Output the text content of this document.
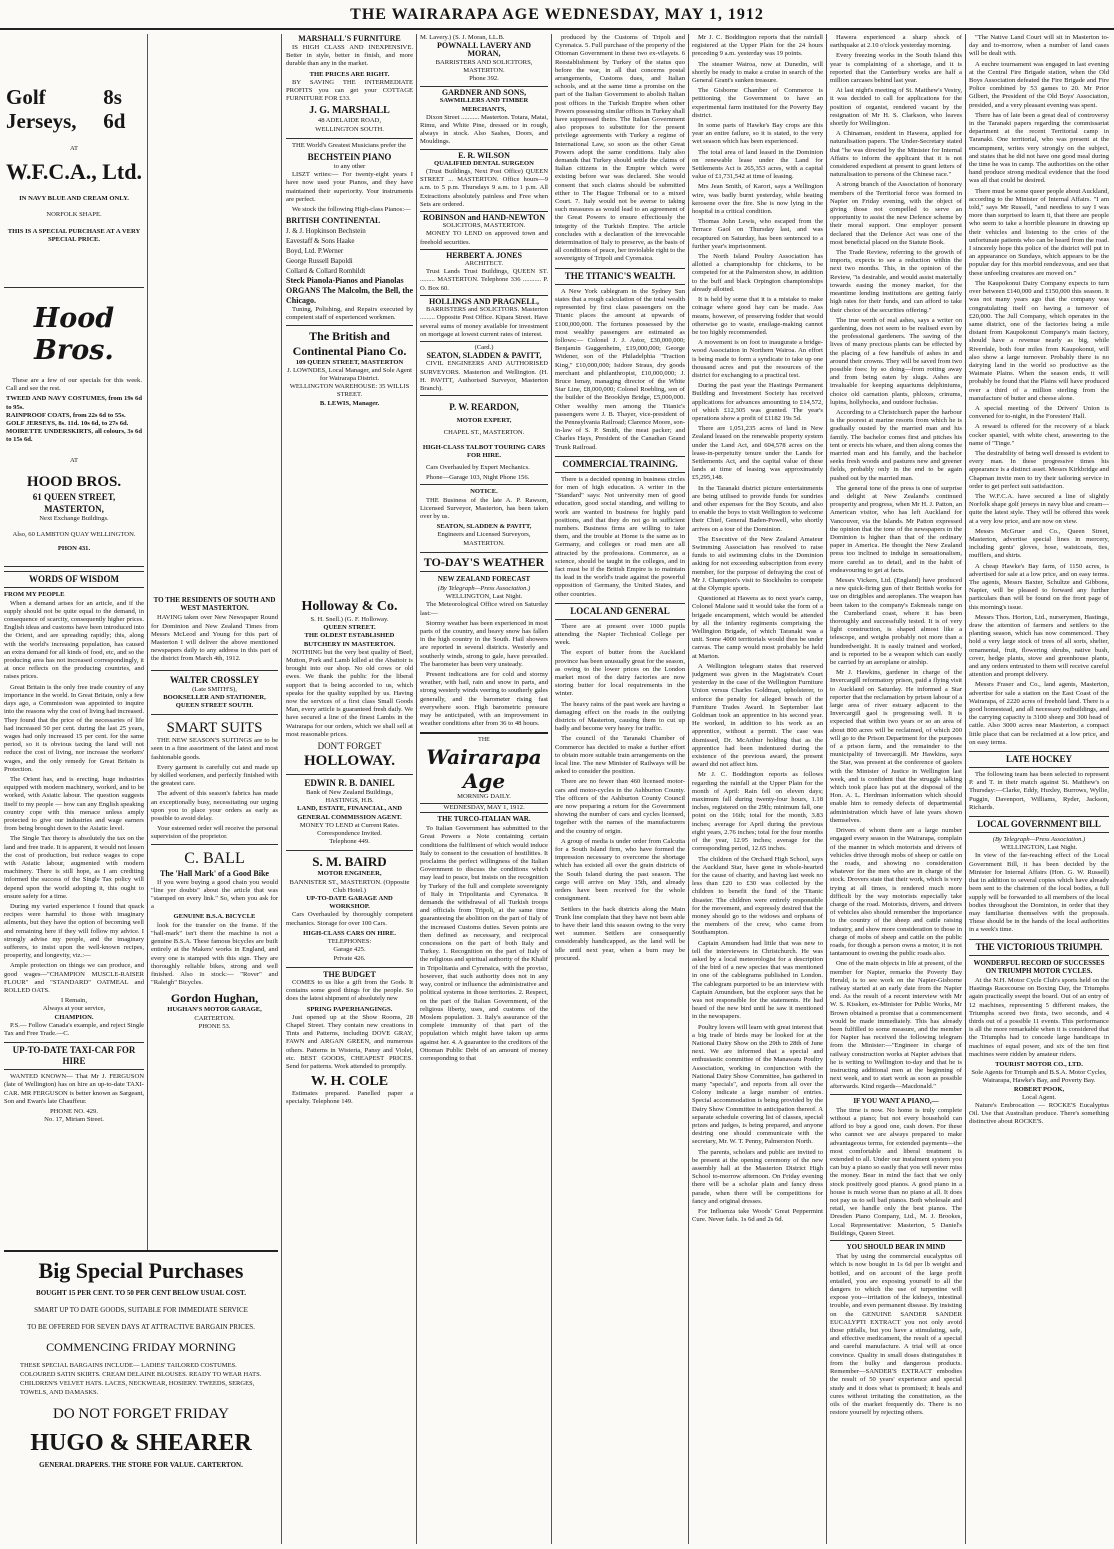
THE WAIRARAPA AGE WEDNESDAY, MAY 1, 1912
Golf Jerseys,
8s 6d
AT
W.F.C.A., Ltd.
IN NAVY BLUE AND CREAM ONLY.
NORFOLK SHAPE.
THIS IS A SPECIAL PURCHASE AT A VERY SPECIAL PRICE.
Hood Bros.

These are a few of our specials for this week. Call and see the rest.

TWEED AND NAVY COSTUMES, from 19s 6d to 95s.
RAINPROOF COATS, from 22s 6d to 55s.
GOLF JERSEYS, 8s. 11d. 10s 6d, to 27s 6d.
MOIRETTE UNDERSKIRTS, all colours, 3s 6d to 15s 6d.
AT
HOOD BROS.
61 QUEEN STREET, MASTERTON,
Next Exchange Buildings.
Also, 60 LAMBTON QUAY WELLINGTON.
PHON 431.
WORDS OF WISDOM
FROM MY PEOPLE

When a demand arises for an article, and if the supply should not be quite equal to the demand, in consequence of scarcity, consequently higher prices. English ideas and customs have been introduced into the Orient, and are spreading rapidly; this, along with the world's increasing population, has caused an extra demand for all kinds of food, etc, and so the producing area has not increased correspondingly, it at once reflects on the producing countries, and raises prices.

Great Britain is the only free trade country of any importance in the world. In Great Britain, only a few days ago, a Commission was appointed to inquire into the reasons why the cost of living had increased. They found that the price of the necessaries of life had increased 50 per cent. during the last 25 years, wages had only increased 15 per cent. for the same period, so it is obvious taxing the land will not reduce the cost of living, nor increase the workers' wages, and the only remedy for Great Britain is Protection.

The Orient has, and is erecting, huge industries equipped with modern machinery, worked, and to be worked, with Asiatic labour. The question suggests itself to my people — how can any English speaking country cope with this menace unless amply protected to give our industries and wage earners from being brought down to the Asiatic level.

The Single Tax theory is absolutely the tax on the land and free trade. It is apparent, it would not lessen the cost of production, but reduce wages to cope with Asiatic labour, augmented with modern machinery. There is still hope, as I am crediting informed the success of the Single Tax policy will depend upon the world adopting it, this ought to ensure safety for a time.

During my varied experience I found that quack recipes were harmful to those with imaginary ailments, but they have the option of becoming well and remaining here if they will follow my advice. I strongly advise my people, and the imaginary sufferers, to insist upon the well-known recipes, prosperity, and longevity, viz.:—

Ample protection on things we can produce, and good wages—"CHAMPION MUSCLE-RAISER FLOUR" and "STANDARD" OATMEAL and ROLLED OATS.

I Remain,
Always at your service,
CHAMPION.

P.S.— Follow Canada's example, and reject Single Tax and Free Trade.—C.

UP-TO-DATE TAXI-CAR FOR HIRE

WANTED KNOWN— That Mr J. FERGUSON (late of Wellington) has on hire an up-to-date TAXI-CAR. MR FERGUSON is better known as Sargeant, Son and Ewan's late Chauffeur.

PHONE NO. 429.
No. 17, Miriam Street.
Big Special Purchases
BOUGHT 15 PER CENT. TO 50 PER CENT BELOW USUAL COST.
SMART UP TO DATE GOODS, SUITABLE FOR IMMEDIATE SERVICE
TO BE OFFERED FOR SEVEN DAYS AT ATTRACTIVE BARGAIN PRICES.
COMMENCING FRIDAY MORNING
THESE SPECIAL BARGAINS INCLUDE— LADIES' TAILORED COSTUMES. COLOURED SATIN SKIRTS. CREAM DELAINE BLOUSES. READY TO WEAR HATS. CHILDREN'S VELVET HATS. LACES, NECKWEAR, HOSIERY. TWEEDS, SERGES, TOWELS, AND DAMASKS.
DO NOT FORGET FRIDAY
HUGO & SHEARER
GENERAL DRAPERS. THE STORE FOR VALUE. CARTERTON.
TO THE RESIDENTS OF SOUTH AND WEST MASTERTON.

HAVING taken over New Newspaper Round for Dominion and New Zealand Times from Messrs McLeod and Young for this part of Masterton I will deliver the above mentioned newspapers daily to any address in this part of the district from March 4th, 1912.

WALTER CROSSLEY
(Late SMITH'S),
BOOKSELLER AND STATIONER, QUEEN STREET SOUTH.
SMART SUITS

THE NEW SEASON'S SUITINGS are to be seen in a fine assortment of the latest and most fashionable goods.

Every garment is carefully cut and made up by skilled workmen, and perfectly finished with the greatest care.

The advent of this season's fabrics has made an exceptionally busy, necessitating our urging upon you to place your orders as early as possible to avoid delay.

Your esteemed order will receive the personal supervision of the proprietor.

C. BALL
The 'Hall Mark' of a Good Bike

If you were buying a good chain you would "line yer doubts" about the article that was "stamped on every link." So, when you ask for a

GENUINE B.S.A. BICYCLE

look for the transfer on the frame. If the "hall-mark" isn't there the machine is not a genuine B.S.A. These famous bicycles are built entirely at the Makers' works in England, and every one is stamped with this sign. They are thoroughly reliable bikes, strong and well finished. Also in stock:— "Rover" and "Raleigh" Bicycles.

Gordon Hughan,
HUGHAN'S MOTOR GARAGE,
CARTERTON.
PHONE 53.
MARSHALL'S FURNITURE

IS HIGH CLASS AND INEXPENSIVE. Better in style, better in finish, and more durable than any in the market.

THE PRICES ARE RIGHT.

BY SAVING THE INTERMEDIATE PROFITS you can get your COTTAGE FURNITURE FOR £33.

J. G. MARSHALL
48 ADELAIDE ROAD,
WELLINGTON SOUTH.

THE World's Greatest Musicians prefer the

BECHSTEIN PIANO
to any other

LISZT writes:— For twenty-eight years I have now used your Pianos, and they have maintained their superiority. Your instruments are perfect.

We stock the following High-class Pianos:—

BRITISH CONTINENTAL
J. & J. Hopkinson Bechstein
Eavestaff & Sons Haake
Boyd, Ltd. P.Werner
George Russell Bapoldi
Collard & Collard Romhildt
Steck Pianola-Pianos and Pianolas
ORGANS The Malcolm, the Bell, the Chicago.

Tuning, Polishing, and Repairs executed by competent staff of experienced workmen.

The British and Continental Piano Co.
109 QUEEN STREET, MASTERTON
J. LOWNDES, Local Manager, and Sole Agent for Wairarapa District.
WELLINGTON WAREHOUSE: 35 WILLIS STREET.
B. LEWIS, Manager.
Holloway & Co.
S. H. Snell.) (G. F. Holloway.
QUEEN STREET.
THE OLDEST ESTABLISHED BUTCHERY IN MASTERTON.

NOTHING but the very best quality of Beef, Mutton, Pork and Lamb killed at the Abattoir is brought into our shop. No old cows or old ewes. We thank the public for the liberal support that is being accorded to us, which speaks for the quality supplied by us. Having now the services of a first class Small Goods Man, every article is guaranteed fresh daily. We have secured a line of the finest Lambs in the Wairarapa for our orders, which we shall sell at most reasonable prices.

DON'T FORGET
HOLLOWAY.
EDWIN R. B. DANIEL
Bank of New Zealand Buildings,
HASTINGS, H.B.
LAND, ESTATE, FINANCIAL, AND GENERAL COMMISSION AGENT.
MONEY TO LEND at Current Rates.
Correspondence Invited.
Telephone 449.
S. M. BAIRD
MOTOR ENGINEER,
BANNISTER ST., MASTERTON. (Opposite Club Hotel.)
UP-TO-DATE GARAGE AND WORKSHOP.

Cars Overhauled by thoroughly competent mechanics. Storage for over 100 Cars.

HIGH-CLASS CARS ON HIRE.
TELEPHONES:
Garage 425.
Private 426.
THE BUDGET

COMES to us like a gift from the Gods. It contains some good things for the people. So does the latest shipment of absolutely new

SPRING PAPERHANGINGS.

Just opened up at the Show Rooms, 28 Chapel Street. They contain new creations in Tints and Patterns, including DOVE GRAY, FAWN and ARGAN GREEN, and numerous others. Patterns in Wisteria, Pansy and Violet, etc. BEST GOODS, CHEAPEST PRICES. Send for patterns. Work attended to promptly.

W. H. COLE

Estimates prepared. Panelled paper a specialty. Telephone 149.

M. Lavery.) (S. J. Moran, LL.B.
POWNALL LAVERY AND MORAN,
BARRISTERS AND SOLICITORS, MASTERTON.
Phone 392.
GARDNER AND SONS,
SAWMILLERS AND TIMBER MERCHANTS,

Dixon Street ........... Masterton. Totara, Matai, Rimu, and White Pine, dressed or in rough, always in stock. Also Sashes, Doors, and Mouldings.

E. R. WILSON
QUALIFIED DENTAL SURGEON

(Trust Buildings, Next Post Office) QUEEN STREET ... MASTERTON. Office hours—9 a.m. to 5 p.m. Thursdays 9 a.m. to 1 p.m. All Extractions absolutely painless and Free when Sets are ordered.

ROBINSON and HAND-NEWTON
SOLICITORS, MASTERTON.

MONEY TO LEND on approved town and freehold securities.

HERBERT A. JONES
ARCHITECT.

Trust Lands Trust Buildings, QUEEN ST. ......... MASTERTON. Telephone 336 ........... P. O. Box 60.

HOLLINGS AND PRAGNELL,

BARRISTERS and SOLICITORS. Masterton ......... Opposite Post Office. Kipara Street. Have several sums of money available for investment on mortgage at lowest current rates of interest.

(Card.)
SEATON, SLADDEN & PAVITT,

CIVIL ENGINEERS AND AUTHORISED SURVEYORS. Masterton and Wellington. (H. H. PAVITT, Authorised Surveyor, Masterton Branch).

P. W. REARDON,
MOTOR EXPERT,
CHAPEL ST., MASTERTON.
HIGH-CLASS TALBOT TOURING CARS FOR HIRE.

Cars Overhauled by Expert Mechanics.

Phone—Garage 103, Night Phone 156.

NOTICE.

THE Business of the late A. P. Rawson, Licensed Surveyor, Masterton, has been taken over by us.

SEATON, SLADDEN & PAVITT,
Engineers and Licensed Surveyors, MASTERTON.
TO-DAY'S WEATHER
NEW ZEALAND FORECAST
(By Telegraph—Press Association.)
WELLINGTON, Last Night.

The Meteorological Office wired on Saturday last:—

Stormy weather has been experienced in most parts of the country, and heavy snow has fallen in the high country in the South. Hail showers are reported in several districts. Westerly and southerly winds, strong to gale, have prevailed. The barometer has been very unsteady.

Present indications are for cold and stormy weather, with hail, rain and snow in parts, and strong westerly winds veering to southerly gales generally, and the barometer rising fast everywhere soon. High barometric pressure may be anticipated, with an improvement in weather conditions after from 36 to 48 hours.

THE
Wairarapa Age
MORNING DAILY.
WEDNESDAY, MAY 1, 1912.
THE TURCO-ITALIAN WAR.

To Italian Government has submitted to the Great Powers a Note containing certain conditions the fulfilment of which would induce Italy to consent to the cessation of hostilities. It proclaims the perfect willingness of the Italian Government to discuss the conditions which may lead to peace, but insists on the recognition by Turkey of the full and complete sovereignty of Italy in Tripolitania and Cyrenaica. It demands the withdrawal of all Turkish troops and officials from Tripoli, at the same time guaranteeing the abolition on the part of Italy of the increased Customs duties. Seven points are then defined as necessary, and reciprocal concessions on the part of both Italy and Turkey. 1. Recognition on the part of Italy of the religious and spiritual authority of the Khalif in Tripolitania and Cyrenaica, with the proviso, however, that such authority does not in any way, control or influence the administrative and political systems in those territories. 2. Respect, on the part of the Italian Government, of the religious liberty, uses, and customs of the Moslem population. 3. Italy's assurance of the complete immunity of that part of the population which might have taken up arms against her. 4. A guarantee to the creditors of the Ottoman Public Debt of an amount of money corresponding to that

produced by the Customs of Tripoli and Cyrenaica. 5. Full purchase of the property of the Ottoman Government in these two ex-vilayets. 6 Reestablishment by Turkey of the status quo before the war, in all that concerns postal arrangements, Customs dues, and Italian schools, and at the same time a promise on the part of the Italian Government to abolish Italian post offices in the Turkish Empire when other Powers possessing similar offices in Turkey shall have suppressed theirs. The Italian Government also proposes to substitute for the present privilege agreements with Turkey a regime of International Law, so soon as the other Great Powers adopt the same conditions. Italy also demands that Turkey should settle the claims of Italian citizens in the Empire which were existing before war was declared. She would consent that such claims should be submitted either to The Hague Tribunal or to a mixed Court. 7. Italy would not be averse to taking such measures as would lead to an agreement of the Great Powers to ensure effectiously the integrity of the Turkish Empire. The article concludes with a declaration of the irrevocable determination of Italy to preserve, as the basis of all conditions of peace, her inviolable right to the sovereignty of Tripoli and Cyrenaica.

THE TITANIC'S WEALTH.

A New York cablegram in the Sydney Sun states that a rough calculation of the total wealth represented by first class passengers on the Titanic places the amount at upwards of £100,000,000. The fortunes possessed by the most wealthy passengers are estimated as follows:— Colonel J. J. Astor, £30,000,000; Benjamin Guggenheim, £19,000,000; George Widener, son of the Philadelphia "Traction King," £10,000,000; Isidore Straus, dry goods merchant and philanthropist, £10,000,000; J. Bruce Ismay, managing director of the White Star Line, £8,000,000; Colonel Roebling, son of the builder of the Brooklyn Bridge, £5,000,000. Other wealthy men among the Titanic's passengers were J. B. Thayer, vice-president of the Pennsylvania Railroad; Clarence Moore, son-in-law of S. P. Smith, the meat packer; and Charles Hays, President of the Canadian Grand Trunk Railroad.

COMMERCIAL TRAINING.

There is a decided opening in business circles for men of high education. A writer in the "Standard" says: Not university men of good education, good social standing, and willing to work are wanted in business for highly paid positions, and that they do not go in sufficient numbers. Business firms are willing to take them, and the trouble at Home is the same as in Germany, and colleges or road men are all attracted by the professions. Commerce, as a science, should be taught in the colleges, and in fact must be if the British Empire is to maintain its lead in the world's trade against the powerful opposition of Germany, the United States, and other countries.

LOCAL AND GENERAL

There are at present over 1000 pupils attending the Napier Technical College per week.

The export of butter from the Auckland province has been unusually great for the season, as owing to the lower prices on the London market most of the dairy factories are now storing butter for local requirements in the winter.

The heavy rains of the past week are having a damaging effect on the roads in the outlying districts of Masterton, causing them to cut up badly and become very heavy for traffic.

The council of the Taranaki Chamber of Commerce has decided to make a further effort to obtain more suitable train arrangements on the local line. The new Minister of Railways will be asked to consider the position.

There are no fewer than 460 licensed motor-cars and motor-cycles in the Ashburton County. The officers of the Ashburton County Council are now preparing a return for the Government showing the number of cars and cycles licensed, together with the names of the manufacturers and the country of origin.

A group of media is under order from Calcutta for a South Island firm, who have formed the impression necessary to overcome the shortage which has existed all over the grain districts of the South Island during the past season. The cargo will arrive on May 15th, and already orders have been received for the whole consignment.

Settlers in the back districts along the Main Trunk line complain that they have not been able to have their land this season owing to the very wet summer. Settlers are consequently considerably handicapped, as the land will be idle until next year, when a burn may be procured.

Mr J. C. Boddington reports that the rainfall registered at the Upper Plain for the 24 hours preceding 9 a.m. yesterday was 19 points.

The steamer Wairoa, now at Dunedin, will shortly be ready to make a cruise in search of the General Grant's sunken treasure.

The Gisborne Chamber of Commerce is petitioning the Government to have an experimental farm instituted for the Poverty Bay district.

In some parts of Hawke's Bay crops are this year an entire failure, so it is stated, to the very wet season which has been experienced.

The total area of land leased in the Dominion on renewable lease under the Land for Settlements Act is 265,353 acres, with a capital value of £1,731,542 at time of leasing.

Mrs Jean Smith, of Karori, says a Wellington wire, was badly burnt yesterday, while heating kerosene over the fire. She is now lying in the hospital in a critical condition.

Thomas John Lewis, who escaped from the Terrace Gaol on Thursday last, and was recaptured on Saturday, has been sentenced to a further year's imprisonment.

The North Island Poultry Association has allotted a championship for chickens, to be competed for at the Palmerston show, in addition to the buff and black Orpington championships already allotted.

It is held by some that it is a mistake to make coinage where good hay can be made. Ass means, however, of preserving fodder that would otherwise go to waste, ensilage-making cannot be too highly recommended.

A movement is on foot to inaugurate a bridge-wood Association in Northern Wairoa. An effort is being made to form a syndicate to take up one thousand acres and put the resources of the district for exchanging to a practical test.

During the past year the Hastings Permanent Building and Investment Society has received applications for advances amounting to £14,572, of which £12,305 was granted. The year's operations show a profit of £1182 19s 5d.

There are 1,051,235 acres of land in New Zealand leased on the renewable property system under the Land Act, and 604,578 acres on the lease-in-perpetuity tenure under the Lands for Settlements Act, and the capital value of these lands at time of leasing was approximately £5,295,148.

In the Taranaki district picture entertainments are being utilised to provide funds for sundries and other expenses for the Boy Scouts, and also to enable the boys to visit Wellington to welcome their Chief, General Baden-Powell, who shortly arrives on a tour of the Dominion.

The Executive of the New Zealand Amateur Swimming Association has resolved to raise funds to aid swimming clubs in the Dominion asking for not exceeding subscription from every member, for the purpose of defraying the cost of Mr J. Champion's visit to Stockholm to compete at the Olympic sports.

Questioned at Hawera as to next year's camp, Colonel Malone said it would take the form of a brigade encampment, which would be attended by all the infantry regiments comprising the Wellington Brigade, of which Taranaki was a unit. Some 4000 territorials would then be under canvas. The camp would most probably be held at Marton.

A Wellington telegram states that reserved judgment was given in the Magistrate's Court yesterday in the case of the Wellington Furniture Union versus Charles Goldman, upholsterer, to enforce the penalty for alleged breach of the Furniture Trades Award. In September last Goldman took an apprentice in his second year. He worked, in addition to his work as an apprentice, without a permit. The case was dismissed, Dr. McArthur holding that as the apprentice had been indentured during the existence of the previous award, the present award did not affect him.

Mr J. C. Boddington reports as follows regarding the rainfall at the Upper Plain for the month of April: Rain fell on eleven days; maximum fall during twenty-four hours, 1.18 inches, registered on the 29th; minimum fall, one point on the 16th; total for the month, 3.83 inches; average for April during the previous eight years, 2.76 inches; total for the four months of the year, 12.95 inches; average for the corresponding period, 12.65 inches.

The children of the Orchard High School, says the Auckland Star, have gone in whole-hearted for the cause of charity, and having last week no less than £20 to £30 was collected by the children to benefit the fund of the Titanic disaster. The children were entirely responsible for the movement, and expressly desired that the money should go to the widows and orphans of the members of the crew, who came from Southampton.

Captain Amundsen had little that was new to tell the interviewers in Christchurch. He was asked by a local meteorologist for a description of the bird of a new species that was mentioned in one of the cablegrams published in London. The cablegram purported to be an interview with Captain Amundsen, but the explorer says that he was not responsible for the statements. He had heard of the new bird until he saw it mentioned in the newspapers.

Poultry lovers will learn with great interest that a big trade of birds may be looked for at the National Dairy Show on the 29th to 28th of June next. We are informed that a special and enthusiastic committee of the Manawatu Poultry Association, working in conjunction with the National Dairy Show Committee, has gathered in many "specials", and reports from all over the Colony indicate a large number of entries. Special accommodation is being provided by the Dairy Show Committee in anticipation thereof. A separate schedule covering list of classes, special prizes and judges, is being prepared, and anyone desiring one should communicate with the secretary, Mr. W. T. Penny, Palmerston North.

The parents, scholars and public are invited to be present at the opening ceremony of the new assembly hall at the Masterton District High School to-morrow afternoon. On Friday evening there will be a scholar plain and fancy dress parade, when there will be competitions for fancy and original dresses.

For Influenza take Woods' Great Peppermint Cure. Never fails. 1s 6d and 2s 6d.

Hawera experienced a sharp shock of earthquake at 2.10 o'clock yesterday morning.

Every freezing works in the South Island this year is complaining of a shortage, and it is reported that the Canterbury works are half a million carcases behind last year.

At last night's meeting of St. Matthew's Vestry, it was decided to call for applications for the position of organist, rendered vacant by the resignation of Mr H. S. Clarkson, who leaves shortly for Wellington.

A Chinaman, resident in Hawera, applied for naturalisation papers. The Under-Secretary stated that "he was directed by the Minister for Internal Affairs to inform the applicant that it is not considered expedient at present to grant letters of naturalisation to persons of the Chinese race."

A strong branch of the Association of honorary members of the Territorial force was formed in Napier on Friday evening, with the object of giving those not compelled to serve an opportunity to assist the new Defence scheme by their moral support. One employer present declared that the Defence Act was one of the most beneficial placed on the Statute Book.

The Trade Review, referring to the growth of imports, expects to see a reduction within the next two months. This, in the opinion of the Review, "is desirable, and would assist materially towards easing the money market, for the meantime lending institutions are getting fairly high rates for their funds, and can afford to take their choice of the securities offering."

The true worth of real ashes, says a writer on gardening, does not seem to be realised even by the professional gardeners. The saving of the lives of many precious plants can be effected by the placing of a few handfuls of ashes in and around their crowns. They will be saved from two possible foes: by so doing—from rotting away and from being eaten by slugs. Ashes are invaluable for keeping aquariums delphiniums, choice old carnation plants, phloxes, crinums, lupins, hollyhocks, and outdoor fuchsias.

According to a Christchurch paper the harbour is the poorest at marine resorts from which he is gradually ousted by the married man and his family. The bachelor comes first and pitches his tent or erects his whare, and then along comes the married man and his family, and the bachelor seeks fresh woods and pastures new and greener fields, probably only in the end to be again pushed out by the married man.

The general tone of the press is one of surprise and delight at New Zealand's continued prosperity and progress, when Mr H. J. Patton, an American visitor, who has left Auckland for Vancouver, via the Islands. Mr Patton expressed the opinion that the tone of the newspapers in the Dominion is higher than that of the ordinary paper in America. He thought the New Zealand press too inclined to indulge in sensationalism, more careful as to detail, and in the habit of endeavouring to get at facts.

Messrs Vickers, Ltd. (England) have produced a new quick-firing gun of their British works for use on dirigibles and aeroplanes. The weapon has been taken to the company's Eskmeals range on the Cumberland coast, where it has been thoroughly and successfully tested. It is of very light construction, is shaped almost like a telescope, and weighs probably not more than a hundredweight. It is easily trained and worked, and is reported to be a weapon which can easily be carried by an aeroplane or airship.

Mr J. Hawkins, gardener in charge of the Invercargill reformatory prison, paid a flying visit to Auckland on Saturday. He informed a Star reporter that the reclamation by prison labour of a large area of river estuary adjacent to the Invercargill gaol is progressing well. It is expected that within two years or so an area of about 800 acres will be reclaimed, of which 200 will go to the Prison Department for the purposes of a prison farm, and the remainder to the municipality of Invercargill. Mr Hawkins, says the Star, was present at the conference of gaolers with the Minister of Justice in Wellington last week, and is confident that the struggle talking which took place has put at the disposal of the Hon. A. L. Herdman information which should enable him to remedy defects of departmental administration which have of late years shown themselves.

Drivers of whom there are a large number engaged every season in the Wairarapa, complain of the manner in which motorists and drivers of vehicles drive through mobs of sheep or cattle on the roads, and showing no consideration whatever for the men who are in charge of the stock. Drovers state that their work, which is very trying at all times, is rendered much more difficult by the way motorists especially take charge of the road. Motorists, drivers, and drivers of vehicles also should remember the importance to the country of the sheep and cattle raising industry, and show more consideration to those in charge of mobs of sheep and cattle on the public roads, for though a person owns a motor, it is not tantamount to owning the public roads also.

One of the main objects in life at present, of the member for Napier, remarks the Poverty Bay Herald, is to see work on the Napier-Gisborne railway started at an early date from the Napier end. As the result of a recent interview with Mr W. S. Kissken, ex-Minister for Public Works, Mr Brown obtained a promise that a commencement would be made immediately. This has already been fulfilled to some measure, and the member for Napier has received the following telegram from the Minister:—"Engineer in charge of railway construction works at Napier advises that he is writing to Wellington to-day and that he is instructing additional men at the beginning of next week, and to start work as soon as possible afterwards. Kind regards—Macdonald."

IF YOU WANT A PIANO,—

The time is now. No home is truly complete without a piano; but not every household can afford to buy a good one, cash down. For these who cannot we are always prepared to make advantageous terms, for extended payments—the most comfortable and liberal treatment is extended to all. Under our instalment system you can buy a piano so easily that you will never miss the money. Bear in mind the fact that we only stock positively good pianos. A good piano in a house is much worse than no piano at all. It does not pay us to sell bad pianos. Both wholesale and retail, we handle only the best pianos. The Dresden Piano Company, Ltd., M. J. Brookes, Local Representative: Masterton, 5 Daniel's Buildings, Queen Street.

YOU SHOULD BEAR IN MIND

That by using the commercial eucalyptus oil which is now bought in 1s 6d per lb weight and bottled, and on account of the large profit entailed, you are exposing yourself to all the dangers to which the use of turpentine will expose you—irritation of the kidneys, intestinal trouble, and even permanent disease. By insisting on the GENUINE SANDER SANDER EUCALYPTI EXTRACT you not only avoid those pitfalls, but you have a stimulating, safe, and effective medicament, the result of a special and careful manufacture. A trial will at once convince. Quality in small doses distinguishes it from the bulky and dangerous products. Remember—SANDER'S EXTRACT embodies the result of 50 years' experience and special study and it does what is promised; it heals and cures without irritating the constitution, as the oils of the market frequently do. There is no restore yourself by rejecting others.

"The Native Land Court will sit in Masterton to-day and to-morrow, when a number of land cases will be dealt with.

A euchre tournament was engaged in last evening at the Central Fire Brigade station, when the Old Boys Association defeated the Fire Brigade and Fire Police combined by 53 games to 20. Mr Prior Gilbert, the President of the Old Boys' Association, presided, and a very pleasant evening was spent.

There has of late been a great deal of controversy in the Taranaki papers regarding the commissariat department at the recent Territorial camp in Taranaki. One territorial, who was present at the encampment, writes very strongly on the subject, and states that he did not have one good meal during the time he was in camp. The authorities on the other hand produce strong medical evidence that the food was all that could be desired.

There must be some queer people about Auckland, according to the Minister of Internal Affairs. "I am told," says Mr Russell, "and needless to say I was more than surprised to learn it, that there are people who seem to take a horrible pleasure in drawing up their vehicles and listening to the cries of the unfortunate patients who can be heard from the road. I sincerely hope this police of the district will put in an appearance on Sundays, which appears to be the popular day for this morbid rendezvous, and see that these unfeeling creatures are moved on."

The Kaupokonui Dairy Company expects to turn over between £140,000 and £150,000 this season. It was not many years ago that the company was congratulating itself on having a turnover of £20,000. The Jull Company, which operates in the same district, one of the factories being a mile distant from Kaupokonui Company's main factory, should have a revenue nearly as big, while Riverdale, both four miles from Kaupokonui, will also show a large turnover. Probably there is no dairying land in the world so productive as the Waimate Plains. When the season ends, it will probably be found that the Plains will have produced over a third of a million sterling from the manufacture of butter and cheese alone.

A special meeting of the Drivers' Union is convened for to-night, in the Foresters' Hall.

A reward is offered for the recovery of a black cocker spaniel, with white chest, answering to the name of "Tinge."

The desirability of being well dressed is evident to every man. In these progressive times his appearance is a distinct asset. Messrs Kirkbridge and Chapman invite men to try their tailoring service in order to get perfect suit satisfaction.

The W.F.C.A. have secured a line of slightly Norfolk shape golf jerseys in navy blue and cream—quite the latest style. They will be offered this week at a very low price, and are now on view.

Messrs McGruer and Co., Queen Street, Masterton, advertise special lines in mercery, including gents' gloves, hose, waistcoats, ties, mufflers, and shirts.

A cheap Hawke's Bay farm, of 1150 acres, is advertised for sale at a low price, and on easy terms. The agents, Messrs Baxter, Schultze and Gibbons, Napier, will be pleased to forward any further particulars than will be found on the front page of this morning's issue.

Messrs Thos. Horton, Ltd., nurserymen, Hastings, draw the attention of farmers and settlers to the planting season, which has now commenced. They hold a very large stock of trees of all sorts, shelter, ornamental, fruit, flowering shrubs, native bush, cover, hedge plants, stove and greenhouse plants, and any orders entrusted to them will receive careful attention and prompt delivery.

Messrs Fraser and Co., land agents, Masterton, advertise for sale a station on the East Coast of the Wairarapa, of 2220 acres of freehold land. There is a good homestead, and all necessary outbuildings, and the carrying capacity is 3100 sheep and 300 head of cattle. Also 3000 acres near Masterton, a compact little place that can be reclaimed at a low price, and on easy terms.

LATE HOCKEY

The following team has been selected to represent P. and T. in their match against St. Matthew's on Thursday:—Clarke, Eddy, Huxley, Burrows, Wyllie, Puggin, Davenport, Williams, Ryder, Jackson, Richards.

LOCAL GOVERNMENT BILL
(By Telegraph—Press Association.)
WELLINGTON, Last Night.

In view of the far-reaching effect of the Local Government Bill, it has been decided by the Minister for Internal Affairs (Hon. G. W. Russell) that in addition to several copies which have already been sent to the chairmen of the local bodies, a full supply will be forwarded to all members of the local bodies throughout the Dominion, in order that they may familiarise themselves with the proposals. These should be in the hands of the local authorities in a week's time.

THE VICTORIOUS TRIUMPH.
WONDERFUL RECORD OF SUCCESSES ON TRIUMPH MOTOR CYCLES.

At the N.H. Motor Cycle Club's sports held on the Hastings Racecourse on Boxing Day, the Triumphs again practically swept the board. Out of an entry of 12 machines, representing 5 different makes, the Triumphs scored two firsts, two seconds, and 4 thirds out of a possible 11 events. This performance is all the more remarkable when it is considered that the Triumphs had to concede large handicaps in machines of equal power, and six of the ten first machines were ridden by amateur riders.

TOURIST MOTOR CO., LTD.
Sole Agents for Triumph and B.S.A. Motor Cycles, Wairarapa, Hawke's Bay, and Poverty Bay.
ROBERT POOK,
Local Agent.

Nature's Embrocation — ROCKE'S Eucalyptus Oil. Use that Australian produce. There's something distinctive about ROCKE'S.
